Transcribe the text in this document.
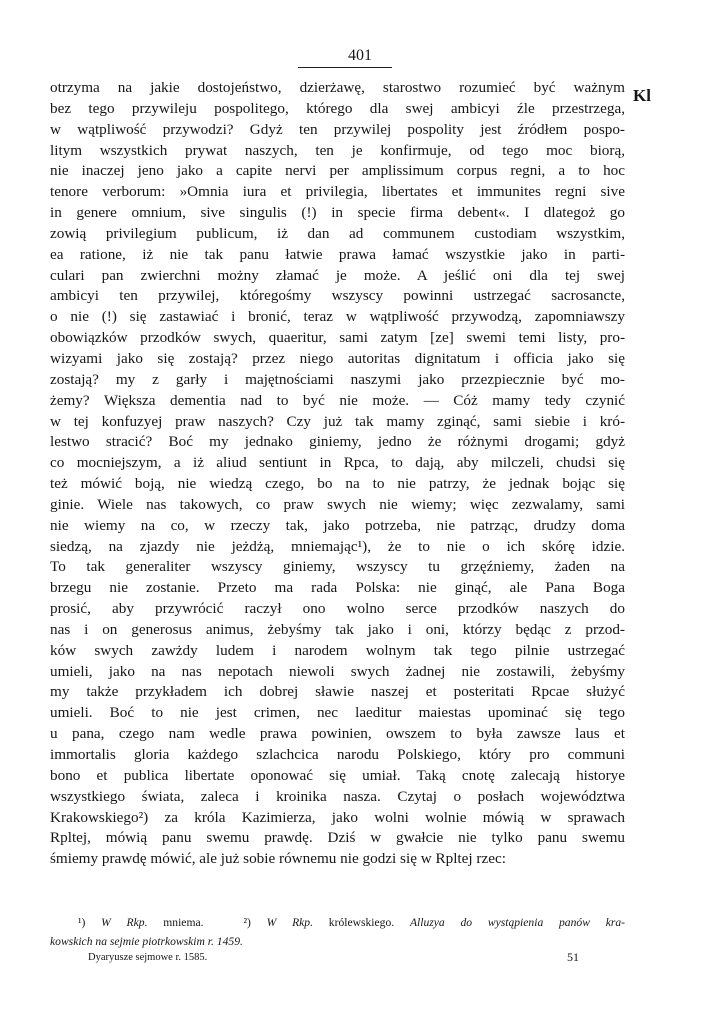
401
Kl
otrzyma na jakie dostojeństwo, dzierżawę, starostwo rozumieć być ważnym
bez tego przywileju pospolitego, którego dla swej ambicyi źle przestrzega,
w wątpliwość przywodzi? Gdyż ten przywilej pospolity jest źródłem pospo-
litym wszystkich prywat naszych, ten je konfirmuje, od tego moc biorą,
nie inaczej jeno jako a capite nervi per amplissimum corpus regni, a to hoc
tenore verborum: »Omnia iura et privilegia, libertates et immunites regni sive
in genere omnium, sive singulis (!) in specie firma debent«. I dlategoż go
zowią privilegium publicum, iż dan ad communem custodiam wszystkim,
ea ratione, iż nie tak panu łatwie prawa łamać wszystkie jako in parti-
culari pan zwierchni możny złamać je może. A jeślić oni dla tej swej
ambicyi ten przywilej, któregośmy wszyscy powinni ustrzegać sacrosancte,
o nie (!) się zastawiać i bronić, teraz w wątpliwość przywodzą, zapomniawszy
obowiązków przodków swych, quaeritur, sami zatym [ze] swemi temi listy, pro-
wizyami jako się zostają? przez niego autoritas dignitatum i officia jako się
zostają? my z garły i majętnościami naszymi jako przezpiecznie być mo-
żemy? Większa dementia nad to być nie może. — Cóż mamy tedy czynić
w tej konfuzyej praw naszych? Czy już tak mamy zginąć, sami siebie i kró-
lestwo stracić? Boć my jednako giniemy, jedno że różnymi drogami; gdyż
co mocniejszym, a iż aliud sentiunt in Rpca, to dają, aby milczeli, chudsi się
też mówić boją, nie wiedzą czego, bo na to nie patrzy, że jednak bojąc się
ginie. Wiele nas takowych, co praw swych nie wiemy; więc zezwalamy, sami
nie wiemy na co, w rzeczy tak, jako potrzeba, nie patrząc, drudzy doma
siedzą, na zjazdy nie jeżdżą, mniemając¹), że to nie o ich skórę idzie.
To tak generaliter wszyscy giniemy, wszyscy tu grzęźniemy, żaden na
brzegu nie zostanie. Przeto ma rada Polska: nie ginąć, ale Pana Boga
prosić, aby przywrócić raczył ono wolno serce przodków naszych do
nas i on generosus animus, żebyśmy tak jako i oni, którzy będąc z przod-
ków swych zawżdy ludem i narodem wolnym tak tego pilnie ustrzegać
umieli, jako na nas nepotach niewoli swych żadnej nie zostawili, żebyśmy
my także przykładem ich dobrej sławie naszej et posteritati Rpcae służyć
umieli. Boć to nie jest crimen, nec laeditur maiestas upominać się tego
u pana, czego nam wedle prawa powinien, owszem to była zawsze laus et
immortalis gloria każdego szlachcica narodu Polskiego, który pro communi
bono et publica libertate oponować się umiał. Taką cnotę zalecają historye
wszystkiego świata, zaleca i kroinika nasza. Czytaj o posłach województwa
Krakowskiego²) za króla Kazimierza, jako wolni wolnie mówią w sprawach
Rpltej, mówią panu swemu prawdę. Dziś w gwałcie nie tylko panu swemu
śmiemy prawdę mówić, ale już sobie równemu nie godzi się w Rpltej rzec:
¹) W Rkp. mniema.	²) W Rkp. królewskiego. Alluzya do wystąpienia panów kra-
kowskich na sejmie piotrkowskim r. 1459.
Dyaryusze sejmowe r. 1585.	51
